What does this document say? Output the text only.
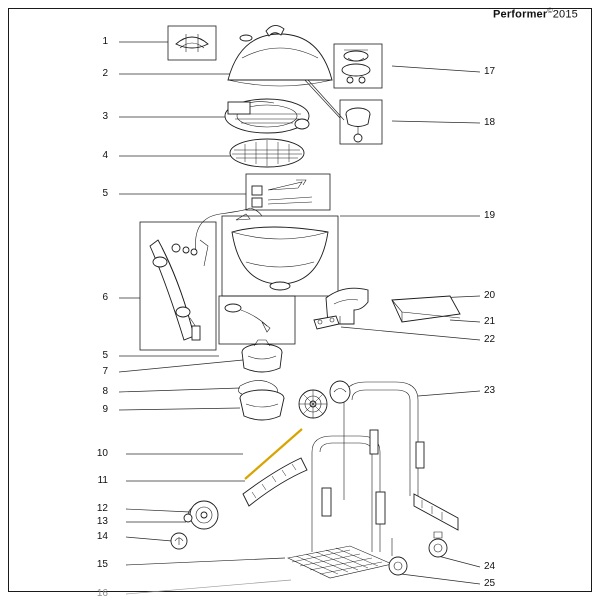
Performer©2015
1
2
3
4
5
6
5
7
8
9
10
11
12
13
14
15
16
17
18
19
20
21
22
23
24
25
